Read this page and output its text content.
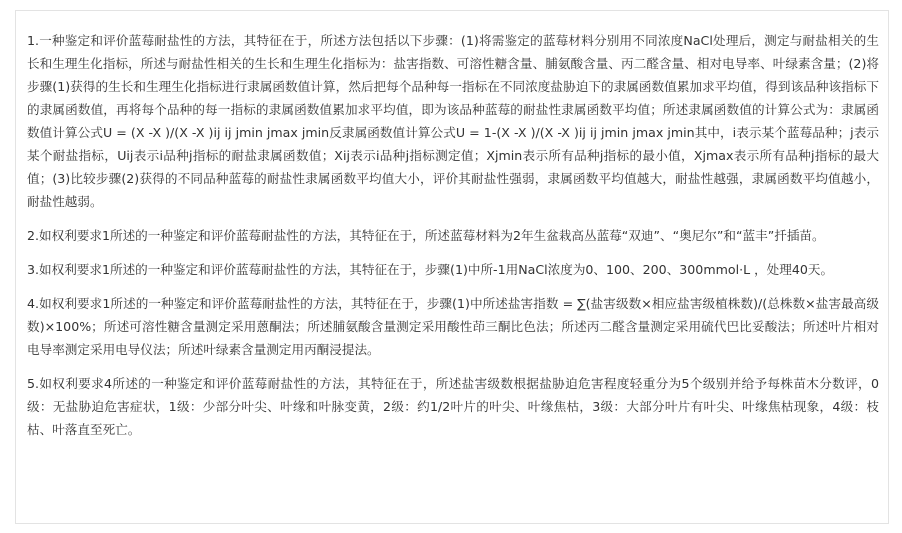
1.一种鉴定和评价蓝莓耐盐性的方法，其特征在于，所述方法包括以下步骤：(1)将需鉴定的蓝莓材料分别用不同浓度NaCl处理后，测定与耐盐相关的生长和生理生化指标，所述与耐盐性相关的生长和生理生化指标为：盐害指数、可溶性糖含量、脯氨酸含量、丙二醛含量、相对电导率、叶绿素含量；(2)将步骤(1)获得的生长和生理生化指标进行隶属函数值计算，然后把每个品种每一指标在不同浓度盐胁迫下的隶属函数值累加求平均值，得到该品种该指标下的隶属函数值，再将每个品种的每一指标的隶属函数值累加求平均值，即为该品种蓝莓的耐盐性隶属函数平均值；所述隶属函数值的计算公式为：隶属函数值计算公式U = (X -X )/(X -X )ij ij jmin jmax jmin反隶属函数值计算公式U = 1-(X -X )/(X -X )ij ij jmin jmax jmin其中，i表示某个蓝莓品种；j表示某个耐盐指标，Uij表示i品种j指标的耐盐隶属函数值；Xij表示i品种j指标测定值；Xjmin表示所有品种j指标的最小值，Xjmax表示所有品种j指标的最大值；(3)比较步骤(2)获得的不同品种蓝莓的耐盐性隶属函数平均值大小，评价其耐盐性强弱，隶属函数平均值越大，耐盐性越强，隶属函数平均值越小，耐盐性越弱。

2.如权利要求1所述的一种鉴定和评价蓝莓耐盐性的方法，其特征在于，所述蓝莓材料为2年生盆栽高丛蓝莓“双迪”、“奥尼尔”和“蓝丰”扦插苗。

3.如权利要求1所述的一种鉴定和评价蓝莓耐盐性的方法，其特征在于，步骤(1)中所-1用NaCl浓度为0、100、200、300mmol·L ，处理40天。

4.如权利要求1所述的一种鉴定和评价蓝莓耐盐性的方法，其特征在于，步骤(1)中所述盐害指数 = ∑(盐害级数×相应盐害级植株数)/(总株数×盐害最高级数)×100%；所述可溶性糖含量测定采用蒽酮法；所述脯氨酸含量测定采用酸性茚三酮比色法；所述丙二醛含量测定采用硫代巴比妥酸法；所述叶片相对电导率测定采用电导仪法；所述叶绿素含量测定用丙酮浸提法。

5.如权利要求4所述的一种鉴定和评价蓝莓耐盐性的方法，其特征在于，所述盐害级数根据盐胁迫危害程度轻重分为5个级别并给予每株苗木分数评，0级：无盐胁迫危害症状，1级：少部分叶尖、叶缘和叶脉变黄，2级：约1/2叶片的叶尖、叶缘焦枯，3级：大部分叶片有叶尖、叶缘焦枯现象，4级：枝枯、叶落直至死亡。
